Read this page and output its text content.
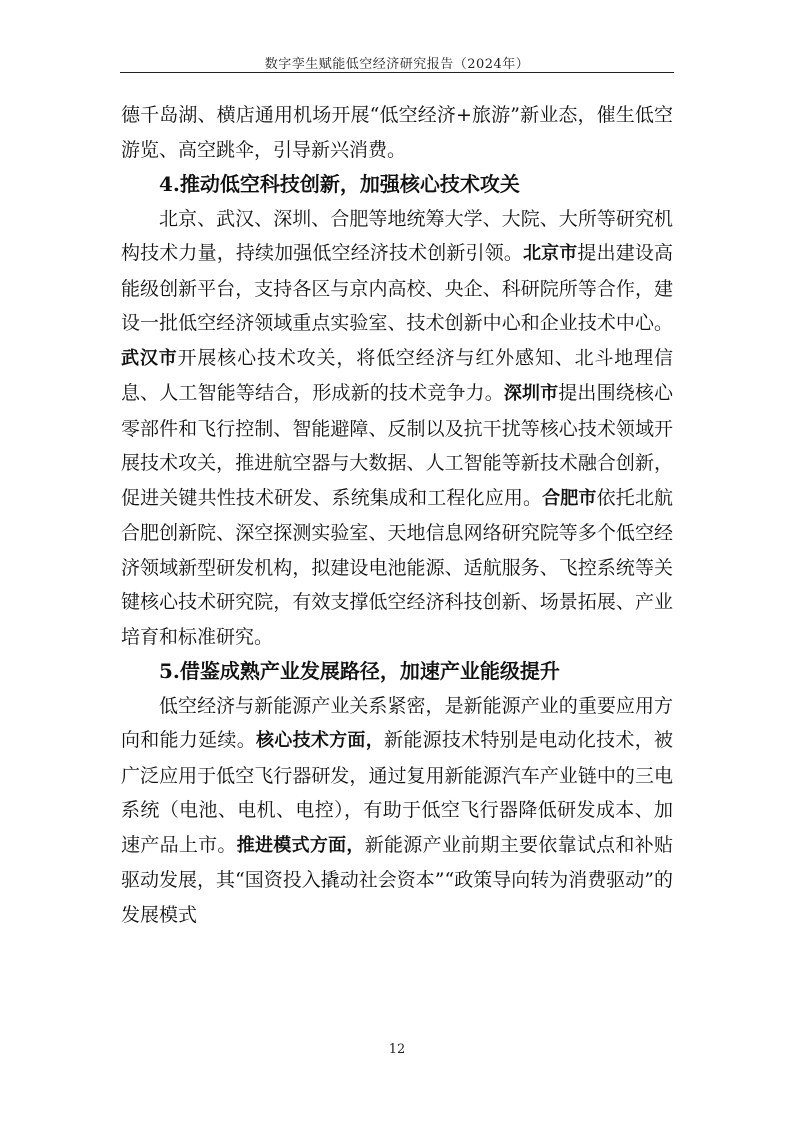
数字孪生赋能低空经济研究报告（2024年）

德千岛湖、横店通用机场开展“低空经济+旅游”新业态，催生低空游览、高空跳伞，引导新兴消费。

4.推动低空科技创新，加强核心技术攻关

北京、武汉、深圳、合肥等地统筹大学、大院、大所等研究机构技术力量，持续加强低空经济技术创新引领。北京市提出建设高能级创新平台，支持各区与京内高校、央企、科研院所等合作，建设一批低空经济领域重点实验室、技术创新中心和企业技术中心。武汉市开展核心技术攻关，将低空经济与红外感知、北斗地理信息、人工智能等结合，形成新的技术竞争力。深圳市提出围绕核心零部件和飞行控制、智能避障、反制以及抗干扰等核心技术领域开展技术攻关，推进航空器与大数据、人工智能等新技术融合创新，促进关键共性技术研发、系统集成和工程化应用。合肥市依托北航合肥创新院、深空探测实验室、天地信息网络研究院等多个低空经济领域新型研发机构，拟建设电池能源、适航服务、飞控系统等关键核心技术研究院，有效支撑低空经济科技创新、场景拓展、产业培育和标准研究。

5.借鉴成熟产业发展路径，加速产业能级提升

低空经济与新能源产业关系紧密，是新能源产业的重要应用方向和能力延续。核心技术方面，新能源技术特别是电动化技术，被广泛应用于低空飞行器研发，通过复用新能源汽车产业链中的三电系统（电池、电机、电控），有助于低空飞行器降低研发成本、加速产品上市。推进模式方面，新能源产业前期主要依靠试点和补贴驱动发展，其“国资投入撬动社会资本”“政策导向转为消费驱动”的发展模式

12
